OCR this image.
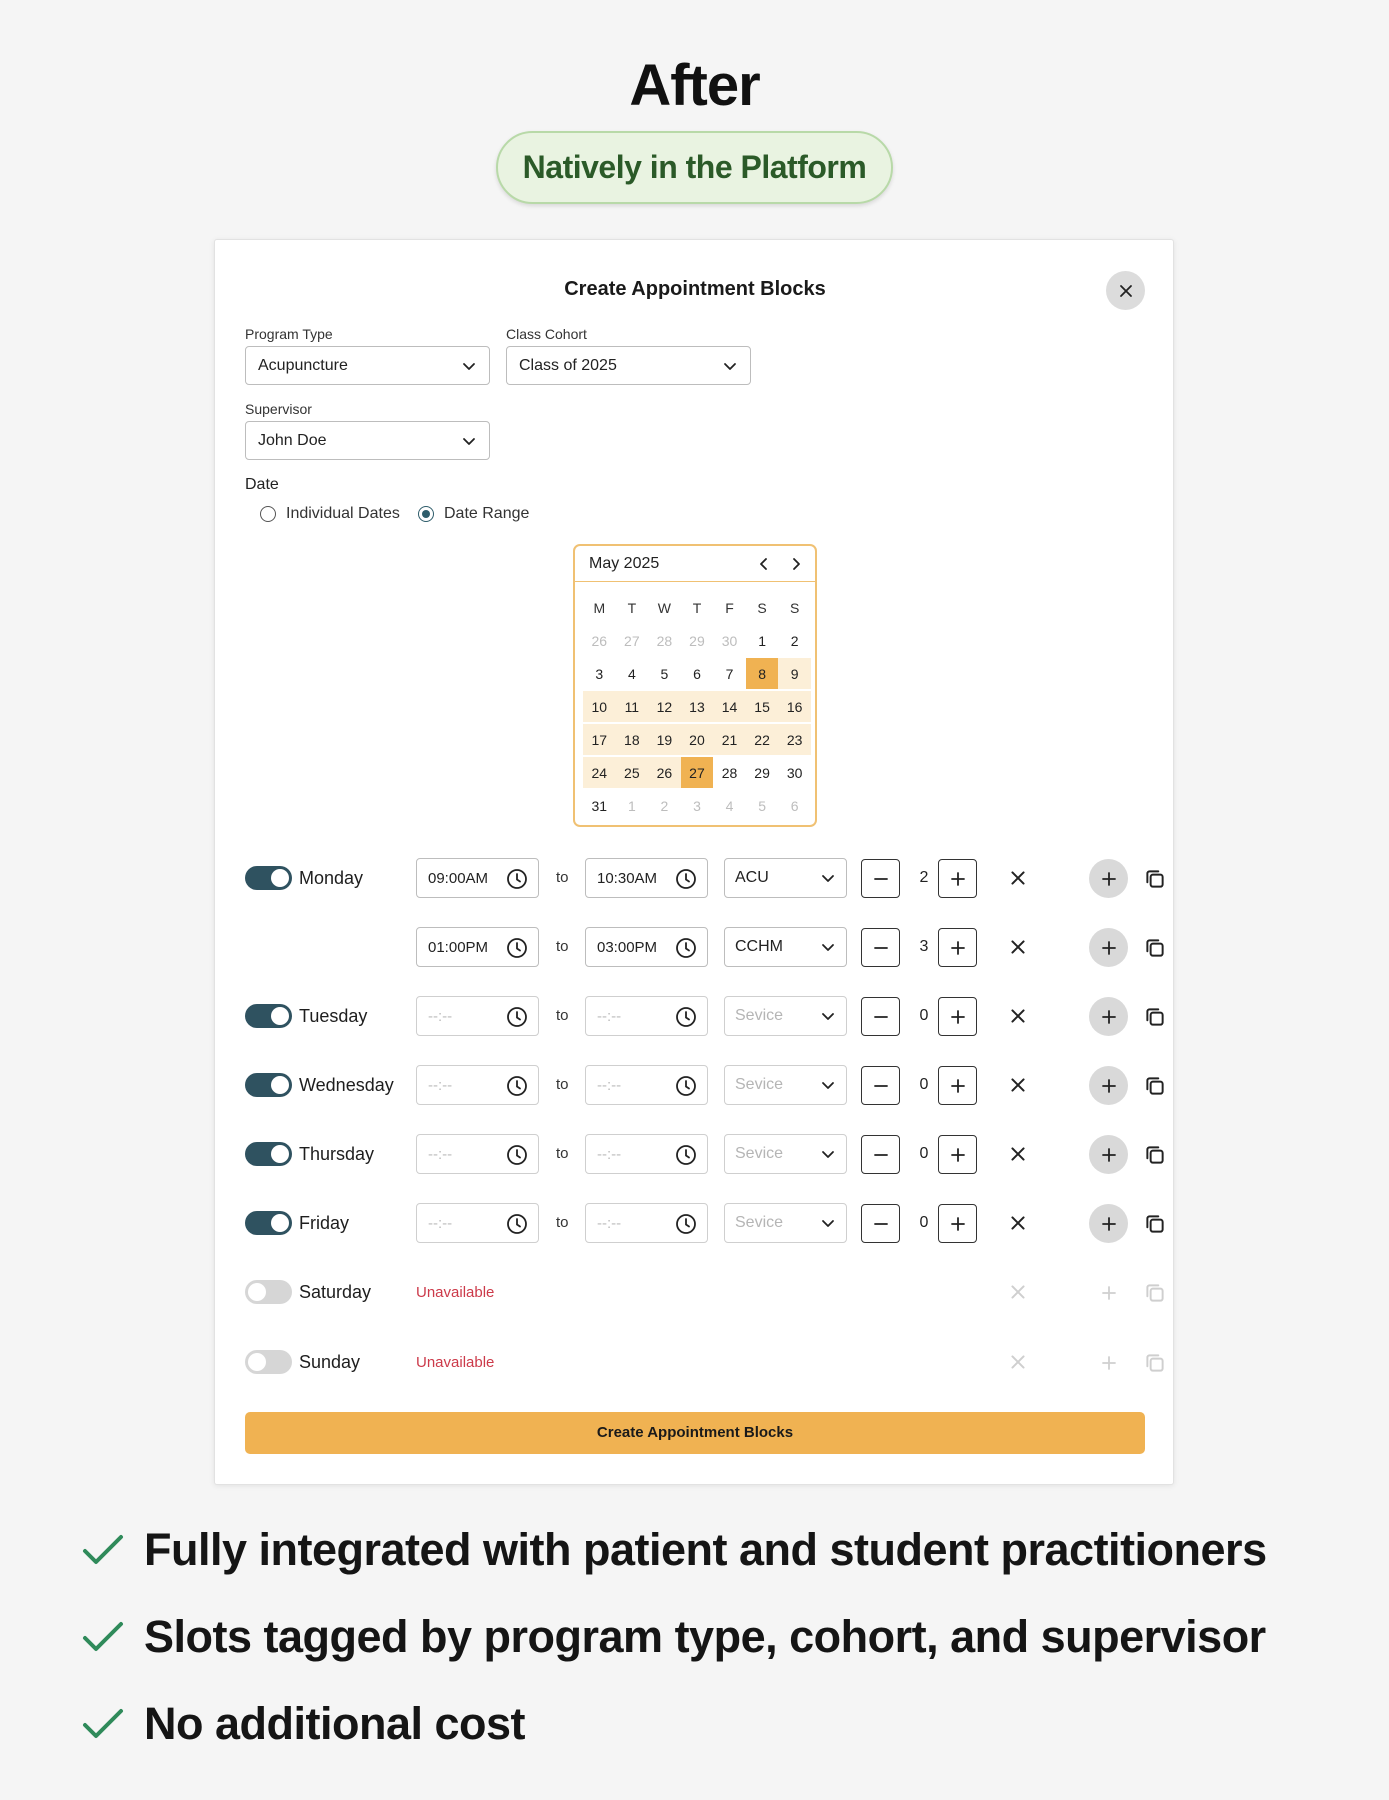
After
Natively in the Platform
Create Appointment Blocks
Program Type
Acupuncture
Class Cohort
Class of 2025
Supervisor
John Doe
Date
Individual Dates	Date Range
May 2025
M	T	W	T	F	S	S
26	27	28	29	30	1	2
3	4	5	6	7	8	9
10	11	12	13	14	15	16
17	18	19	20	21	22	23
24	25	26	27	28	29	30
31	1	2	3	4	5	6
Monday	09:00AM	to 10:30AM	ACU	2
01:00PM	to 03:00PM	CCHM	3
Tuesday	--:--	to --:--	Sevice	0
Wednesday --:--	to --:--	Sevice	0
Thursday	--:--	to --:--	Sevice	0
Friday	--:--	to --:--	Sevice	0
Saturday	Unavailable
Sunday	Unavailable
Create Appointment Blocks
Fully integrated with patient and student practitioners
Slots tagged by program type, cohort, and supervisor
No additional cost
